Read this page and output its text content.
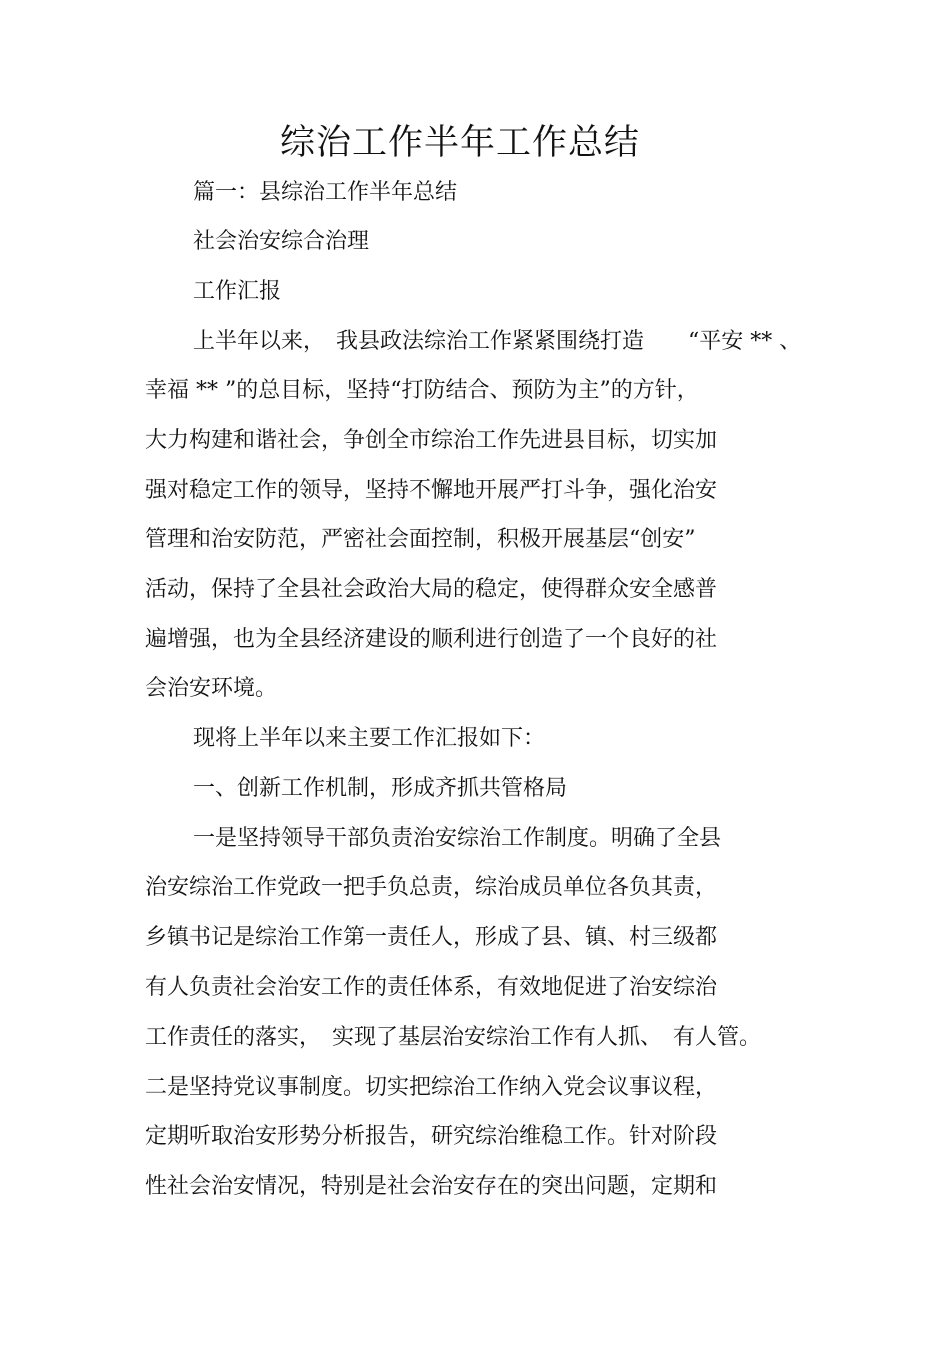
综治工作半年工作总结
篇一：县综治工作半年总结
社会治安综合治理
工作汇报
上半年以来，　我县政法综治工作紧紧围绕打造　　“平安 ** 、
幸福 ** ”的总目标，坚持“打防结合、预防为主”的方针，
大力构建和谐社会，争创全市综治工作先进县目标，切实加
强对稳定工作的领导，坚持不懈地开展严打斗争，强化治安
管理和治安防范，严密社会面控制，积极开展基层“创安”
活动，保持了全县社会政治大局的稳定，使得群众安全感普
遍增强，也为全县经济建设的顺利进行创造了一个良好的社
会治安环境。
现将上半年以来主要工作汇报如下：
一、创新工作机制，形成齐抓共管格局
一是坚持领导干部负责治安综治工作制度。明确了全县
治安综治工作党政一把手负总责，综治成员单位各负其责，
乡镇书记是综治工作第一责任人，形成了县、镇、村三级都
有人负责社会治安工作的责任体系，有效地促进了治安综治
工作责任的落实，　实现了基层治安综治工作有人抓、　有人管。
二是坚持党议事制度。切实把综治工作纳入党会议事议程，
定期听取治安形势分析报告，研究综治维稳工作。针对阶段
性社会治安情况，特别是社会治安存在的突出问题，定期和
